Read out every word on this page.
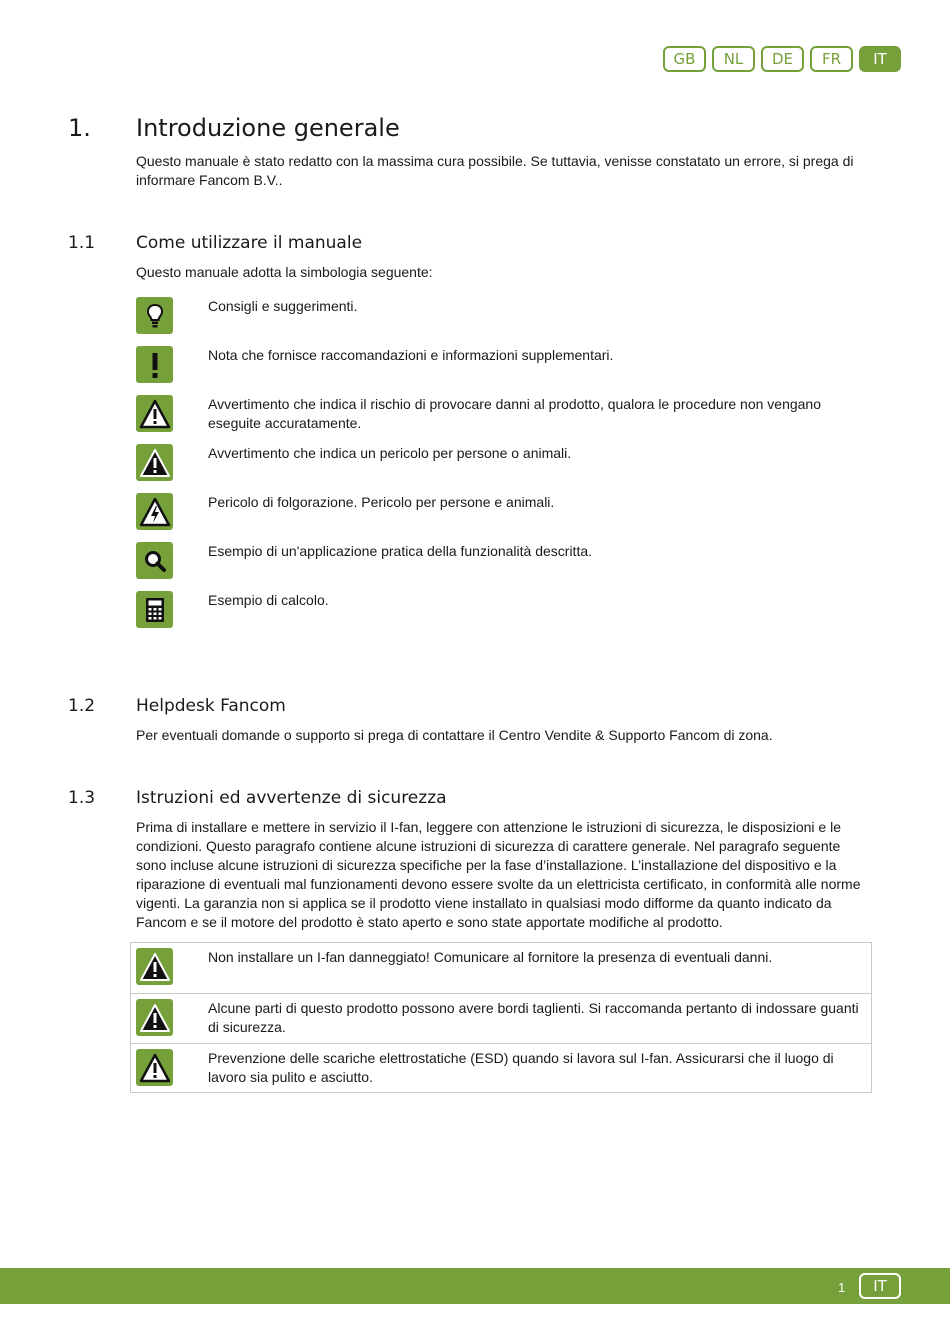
GB	NL	DE	FR	IT
1. Introduzione generale
Questo manuale è stato redatto con la massima cura possibile. Se tuttavia, venisse constatato un errore, si prega di informare Fancom B.V..
1.1 Come utilizzare il manuale
Questo manuale adotta la simbologia seguente:
Consigli e suggerimenti.
Nota che fornisce raccomandazioni e informazioni supplementari.
Avvertimento che indica il rischio di provocare danni al prodotto, qualora le procedure non vengano eseguite accuratamente.
Avvertimento che indica un pericolo per persone o animali.
Pericolo di folgorazione. Pericolo per persone e animali.
Esempio di un'applicazione pratica della funzionalità descritta.
Esempio di calcolo.
1.2 Helpdesk Fancom
Per eventuali domande o supporto si prega di contattare il Centro Vendite & Supporto Fancom di zona.
1.3 Istruzioni ed avvertenze di sicurezza
Prima di installare e mettere in servizio il I-fan, leggere con attenzione le istruzioni di sicurezza, le disposizioni e le condizioni. Questo paragrafo contiene alcune istruzioni di sicurezza di carattere generale. Nel paragrafo seguente sono incluse alcune istruzioni di sicurezza specifiche per la fase d’installazione. L’installazione del dispositivo e la riparazione di eventuali mal funzionamenti devono essere svolte da un elettricista certificato, in conformità alle norme vigenti. La garanzia non si applica se il prodotto viene installato in qualsiasi modo difforme da quanto indicato da Fancom e se il motore del prodotto è stato aperto e sono state apportate modifiche al prodotto.
Non installare un I-fan danneggiato! Comunicare al fornitore la presenza di eventuali danni.
Alcune parti di questo prodotto possono avere bordi taglienti. Si raccomanda pertanto di indossare guanti di sicurezza.
Prevenzione delle scariche elettrostatiche (ESD) quando si lavora sul I-fan. Assicurarsi che il luogo di lavoro sia pulito e asciutto.
1	IT
